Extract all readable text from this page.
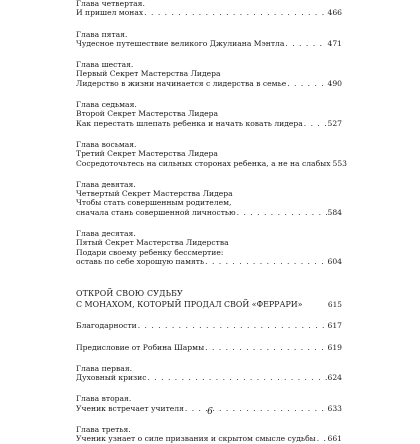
Глава четвертая.
И пришел монах . . .	466
Глава пятая.
Чудесное путешествие великого Джулиана Мэнтла . . .	471
Глава шестая.
Первый Секрет Мастерства Лидера
Лидерство в жизни начинается с лидерства в семье . . .	490
Глава седьмая.
Второй Секрет Мастерства Лидера
Как перестать шлепать ребенка и начать ковать лидера . . .	527
Глава восьмая.
Третий Секрет Мастерства Лидера
Сосредоточьтесь на сильных сторонах ребенка, а не на слабых 553
Глава девятая.
Четвертый Секрет Мастерства Лидера
Чтобы стать совершенным родителем,
сначала стань совершенной личностью . . .	584
Глава десятая.
Пятый Секрет Мастерства Лидерства
Подари своему ребенку бессмертие:
оставь по себе хорошую память . . .	604
ОТКРОЙ СВОЮ СУДЬБУ
С МОНАХОМ, КОТОРЫЙ ПРОДАЛ СВОЙ «ФЕРРАРИ»	615
Благодарности . . .	617
Предисловие от Робина Шармы . . .	619
Глава первая.
Духовный кризис . . .	624
Глава вторая.
Ученик встречает учителя . . .	633
Глава третья.
Ученик узнает о силе призвания и скрытом смысле судьбы . . . 661
6
